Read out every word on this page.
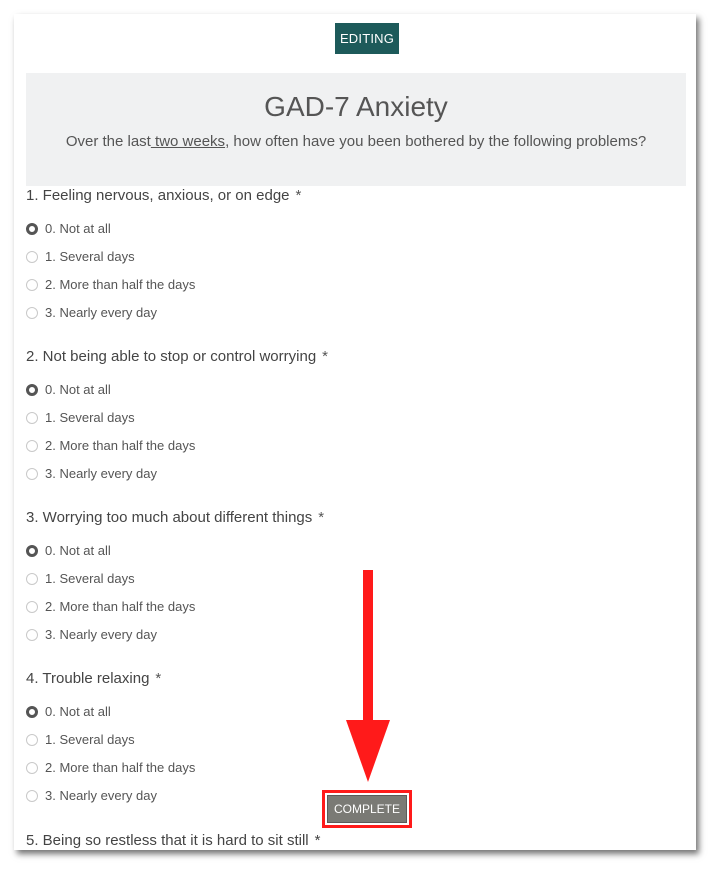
EDITING
GAD-7 Anxiety
Over the last two weeks, how often have you been bothered by the following problems?
1. Feeling nervous, anxious, or on edge *
0. Not at all
1. Several days
2. More than half the days
3. Nearly every day
2. Not being able to stop or control worrying *
0. Not at all
1. Several days
2. More than half the days
3. Nearly every day
3. Worrying too much about different things *
0. Not at all
1. Several days
2. More than half the days
3. Nearly every day
4. Trouble relaxing *
0. Not at all
1. Several days
2. More than half the days
3. Nearly every day
5. Being so restless that it is hard to sit still *
COMPLETE
